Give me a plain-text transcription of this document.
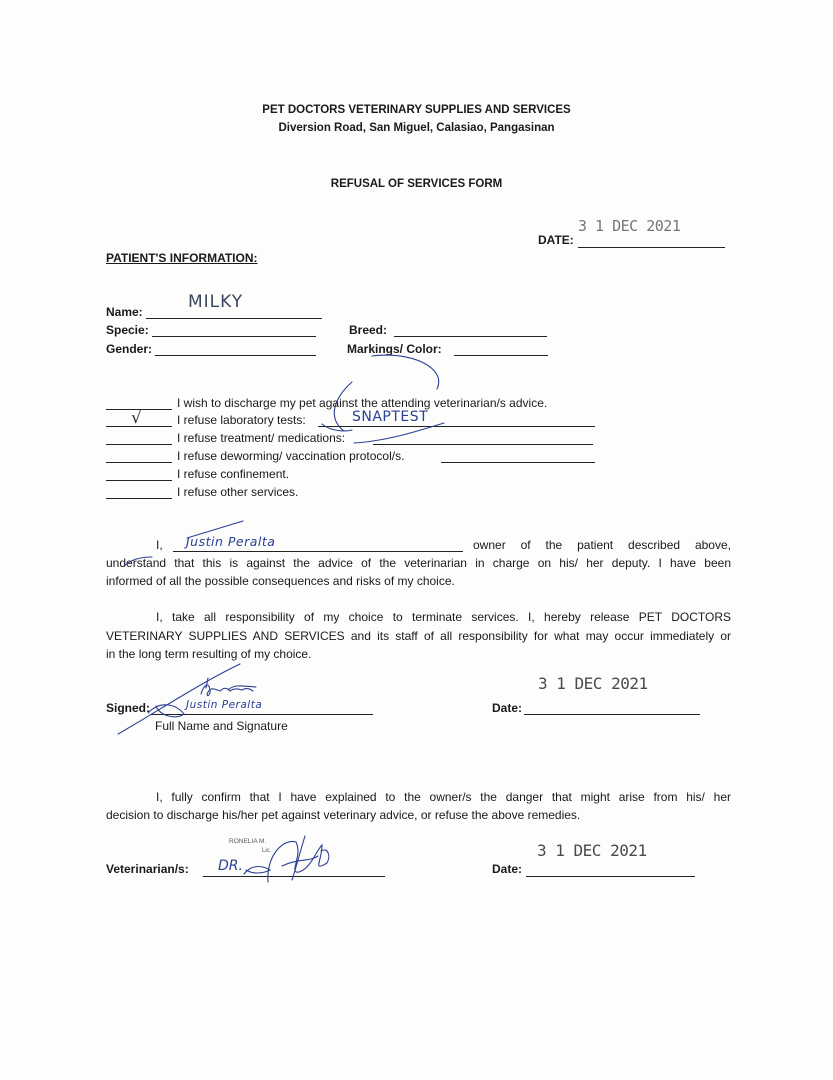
PET DOCTORS VETERINARY SUPPLIES AND SERVICES
Diversion Road, San Miguel, Calasiao, Pangasinan
REFUSAL OF SERVICES FORM
3 1 DEC 2021
DATE:
PATIENT'S INFORMATION:
Name:	MILKY
Specie:	Breed:
Gender:	Markings/ Color:
I wish to discharge my pet against the attending veterinarian/s advice.
√	I refuse laboratory tests:	SNAPTEST
I refuse treatment/ medications:
I refuse deworming/ vaccination protocol/s.
I refuse confinement.
I refuse other services.
I, Justin Peralta	owner of the patient described above,
understand that this is against the advice of the veterinarian in charge on his/ her deputy. I have been
informed of all the possible consequences and risks of my choice.
I, take all responsibility of my choice to terminate services. I, hereby release PET DOCTORS
VETERINARY SUPPLIES AND SERVICES and its staff of all responsibility for what may occur immediately or
in the long term resulting of my choice.
Signed:	Justin Peralta
Full Name and Signature
3 1 DEC 2021
Date:
I, fully confirm that I have explained to the owner/s the danger that might arise from his/ her
decision to discharge his/her pet against veterinary advice, or refuse the above remedies.
RONELIA M.
Lic.
Veterinarian/s: DR.
3 1 DEC 2021
Date:
